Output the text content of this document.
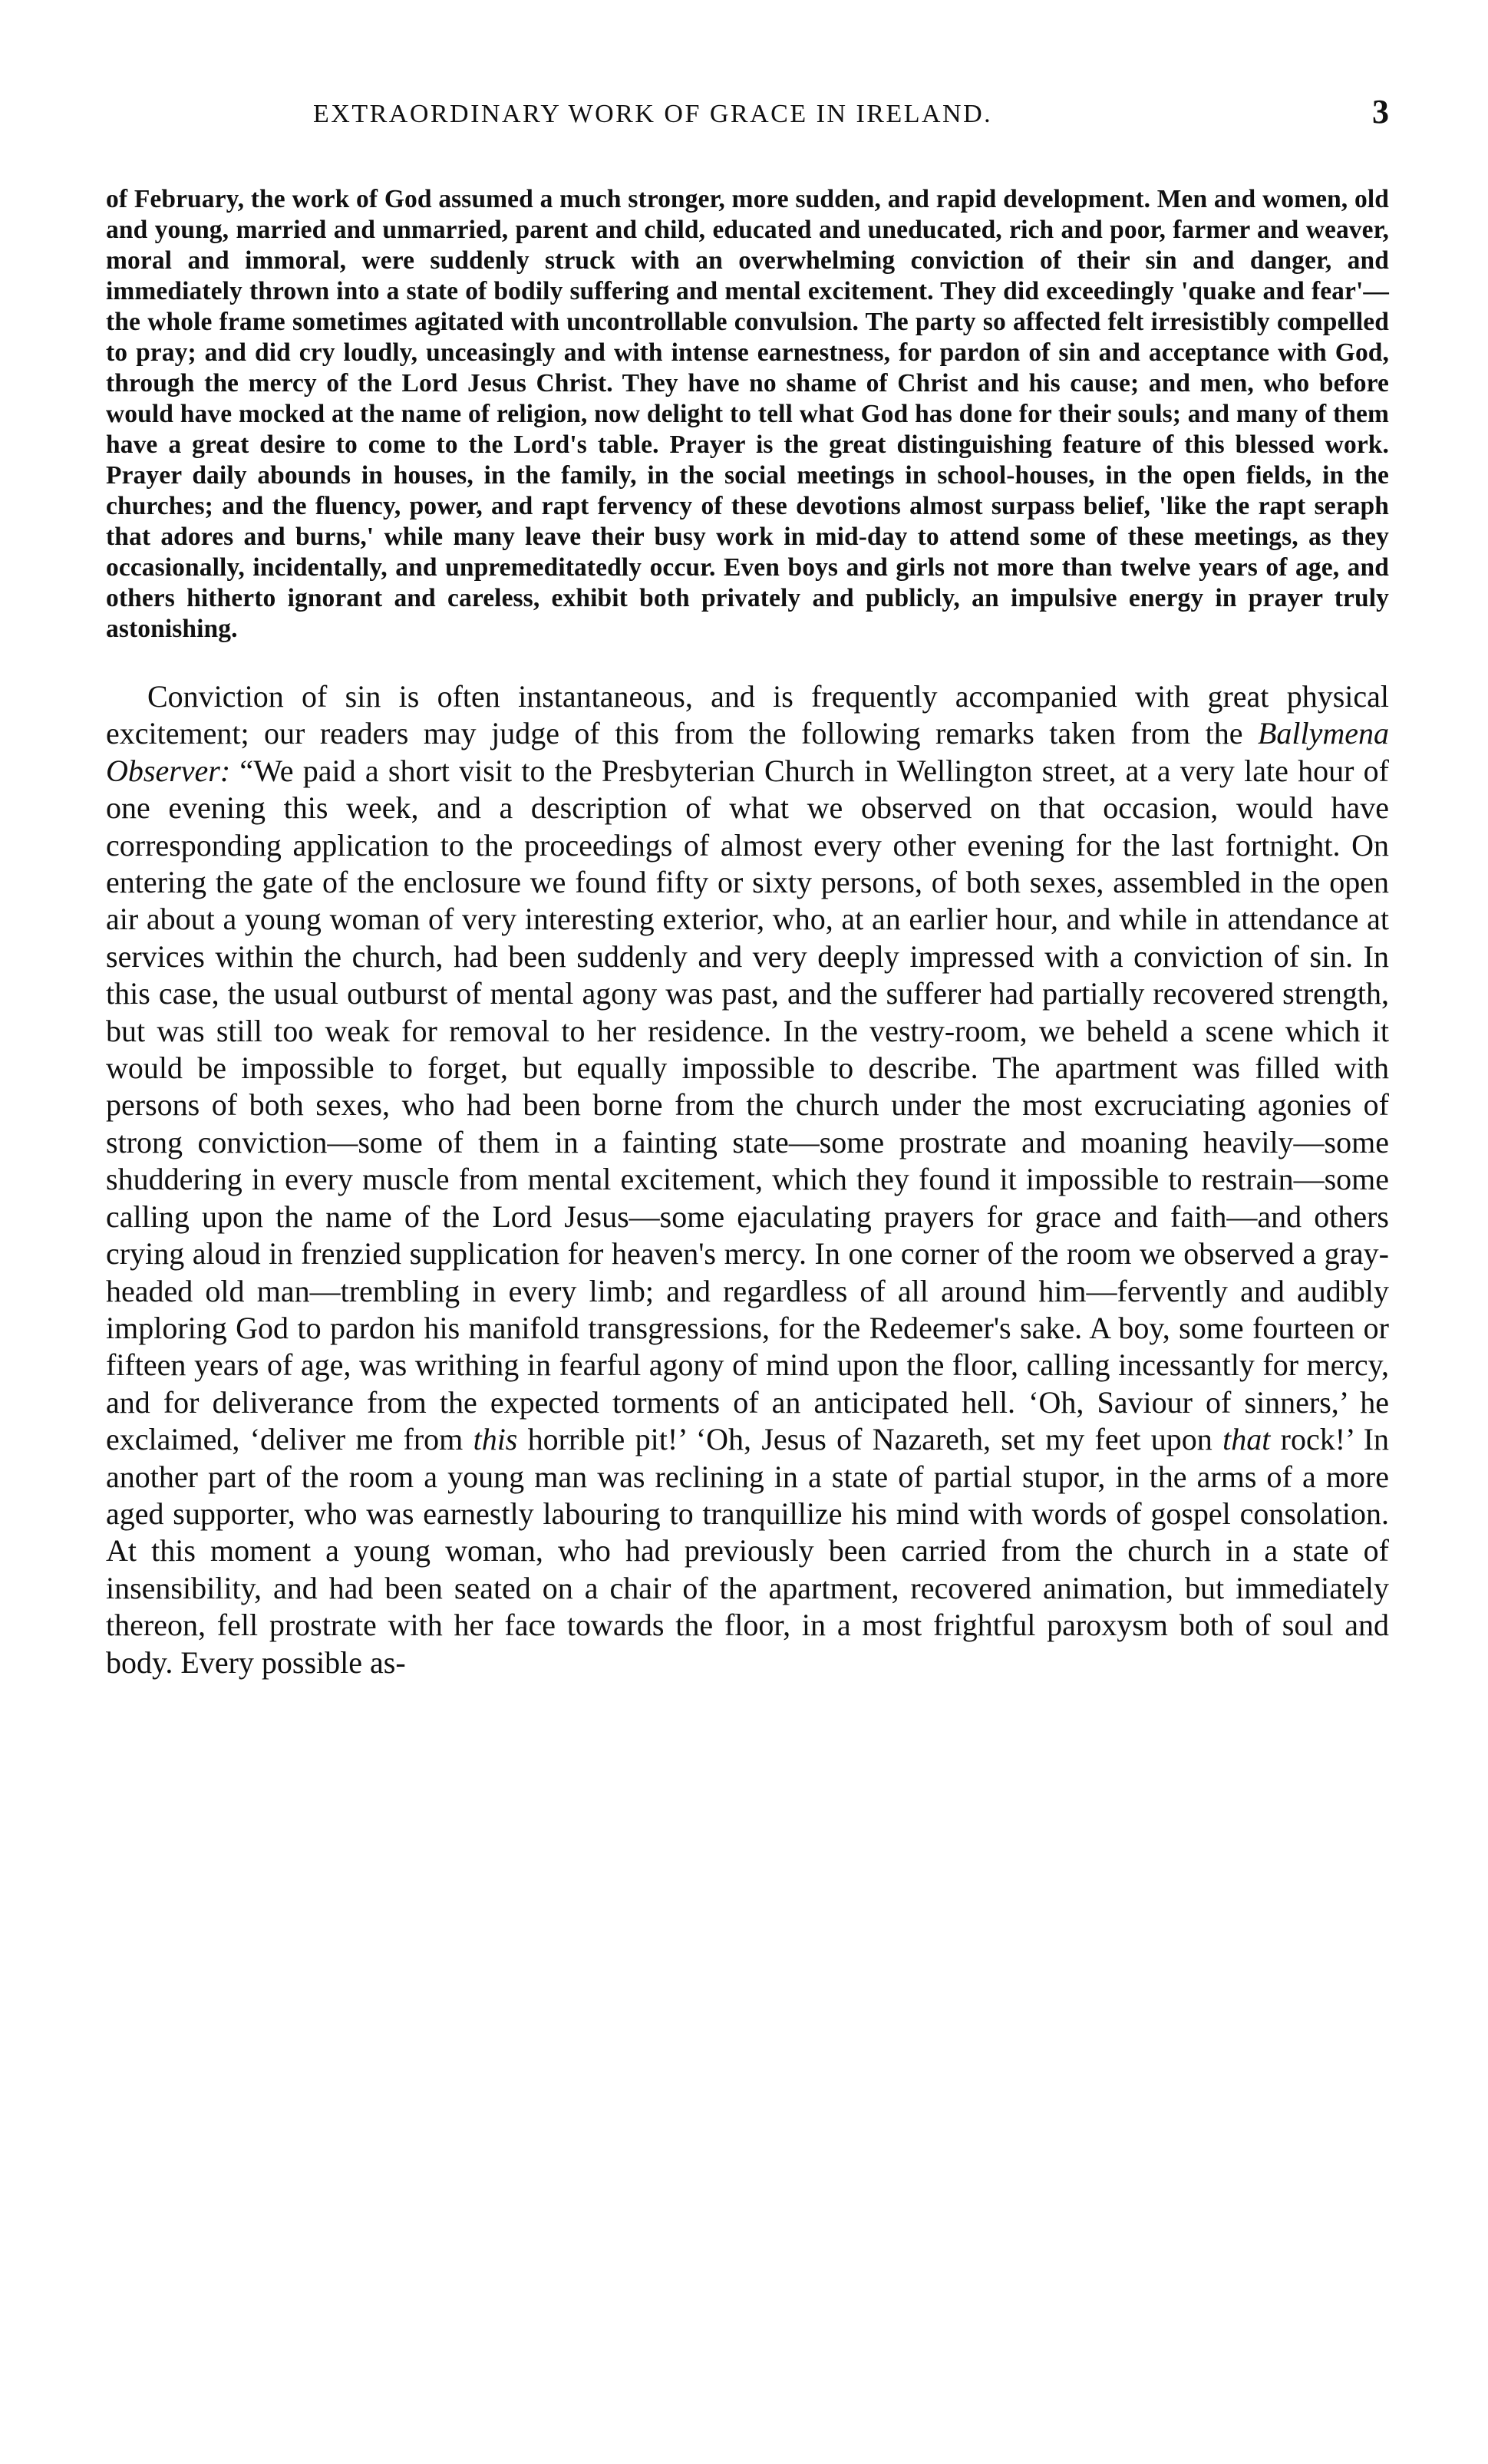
EXTRAORDINARY WORK OF GRACE IN IRELAND.	3

of February, the work of God assumed a much stronger, more sudden, and rapid development. Men and women, old and young, married and unmarried, parent and child, educated and uneducated, rich and poor, farmer and weaver, moral and immoral, were suddenly struck with an overwhelming conviction of their sin and danger, and immediately thrown into a state of bodily suffering and mental excitement. They did exceedingly 'quake and fear'—the whole frame sometimes agitated with uncontrollable convulsion. The party so affected felt irresistibly compelled to pray; and did cry loudly, unceasingly and with intense earnestness, for pardon of sin and acceptance with God, through the mercy of the Lord Jesus Christ. They have no shame of Christ and his cause; and men, who before would have mocked at the name of religion, now delight to tell what God has done for their souls; and many of them have a great desire to come to the Lord's table. Prayer is the great distinguishing feature of this blessed work. Prayer daily abounds in houses, in the family, in the social meetings in school-houses, in the open fields, in the churches; and the fluency, power, and rapt fervency of these devotions almost surpass belief, 'like the rapt seraph that adores and burns,' while many leave their busy work in mid-day to attend some of these meetings, as they occasionally, incidentally, and unpremeditatedly occur. Even boys and girls not more than twelve years of age, and others hitherto ignorant and careless, exhibit both privately and publicly, an impulsive energy in prayer truly astonishing.

Conviction of sin is often instantaneous, and is frequently accompanied with great physical excitement; our readers may judge of this from the following remarks taken from the Ballymena Observer: “We paid a short visit to the Presbyterian Church in Wellington street, at a very late hour of one evening this week, and a description of what we observed on that occasion, would have corresponding application to the proceedings of almost every other evening for the last fortnight. On entering the gate of the enclosure we found fifty or sixty persons, of both sexes, assembled in the open air about a young woman of very interesting exterior, who, at an earlier hour, and while in attendance at services within the church, had been suddenly and very deeply impressed with a conviction of sin. In this case, the usual outburst of mental agony was past, and the sufferer had partially recovered strength, but was still too weak for removal to her residence. In the vestry-room, we beheld a scene which it would be impossible to forget, but equally impossible to describe. The apartment was filled with persons of both sexes, who had been borne from the church under the most excruciating agonies of strong conviction—some of them in a fainting state—some prostrate and moaning heavily—some shuddering in every muscle from mental excitement, which they found it impossible to restrain—some calling upon the name of the Lord Jesus—some ejaculating prayers for grace and faith—and others crying aloud in frenzied supplication for heaven's mercy. In one corner of the room we observed a gray-headed old man—trembling in every limb; and regardless of all around him—fervently and audibly imploring God to pardon his manifold transgressions, for the Redeemer's sake. A boy, some fourteen or fifteen years of age, was writhing in fearful agony of mind upon the floor, calling incessantly for mercy, and for deliverance from the expected torments of an anticipated hell. ‘Oh, Saviour of sinners,’ he exclaimed, ‘deliver me from this horrible pit!’ ‘Oh, Jesus of Nazareth, set my feet upon that rock!’ In another part of the room a young man was reclining in a state of partial stupor, in the arms of a more aged supporter, who was earnestly labouring to tranquillize his mind with words of gospel consolation. At this moment a young woman, who had previously been carried from the church in a state of insensibility, and had been seated on a chair of the apartment, recovered animation, but immediately thereon, fell prostrate with her face towards the floor, in a most frightful paroxysm both of soul and body. Every possible as-
